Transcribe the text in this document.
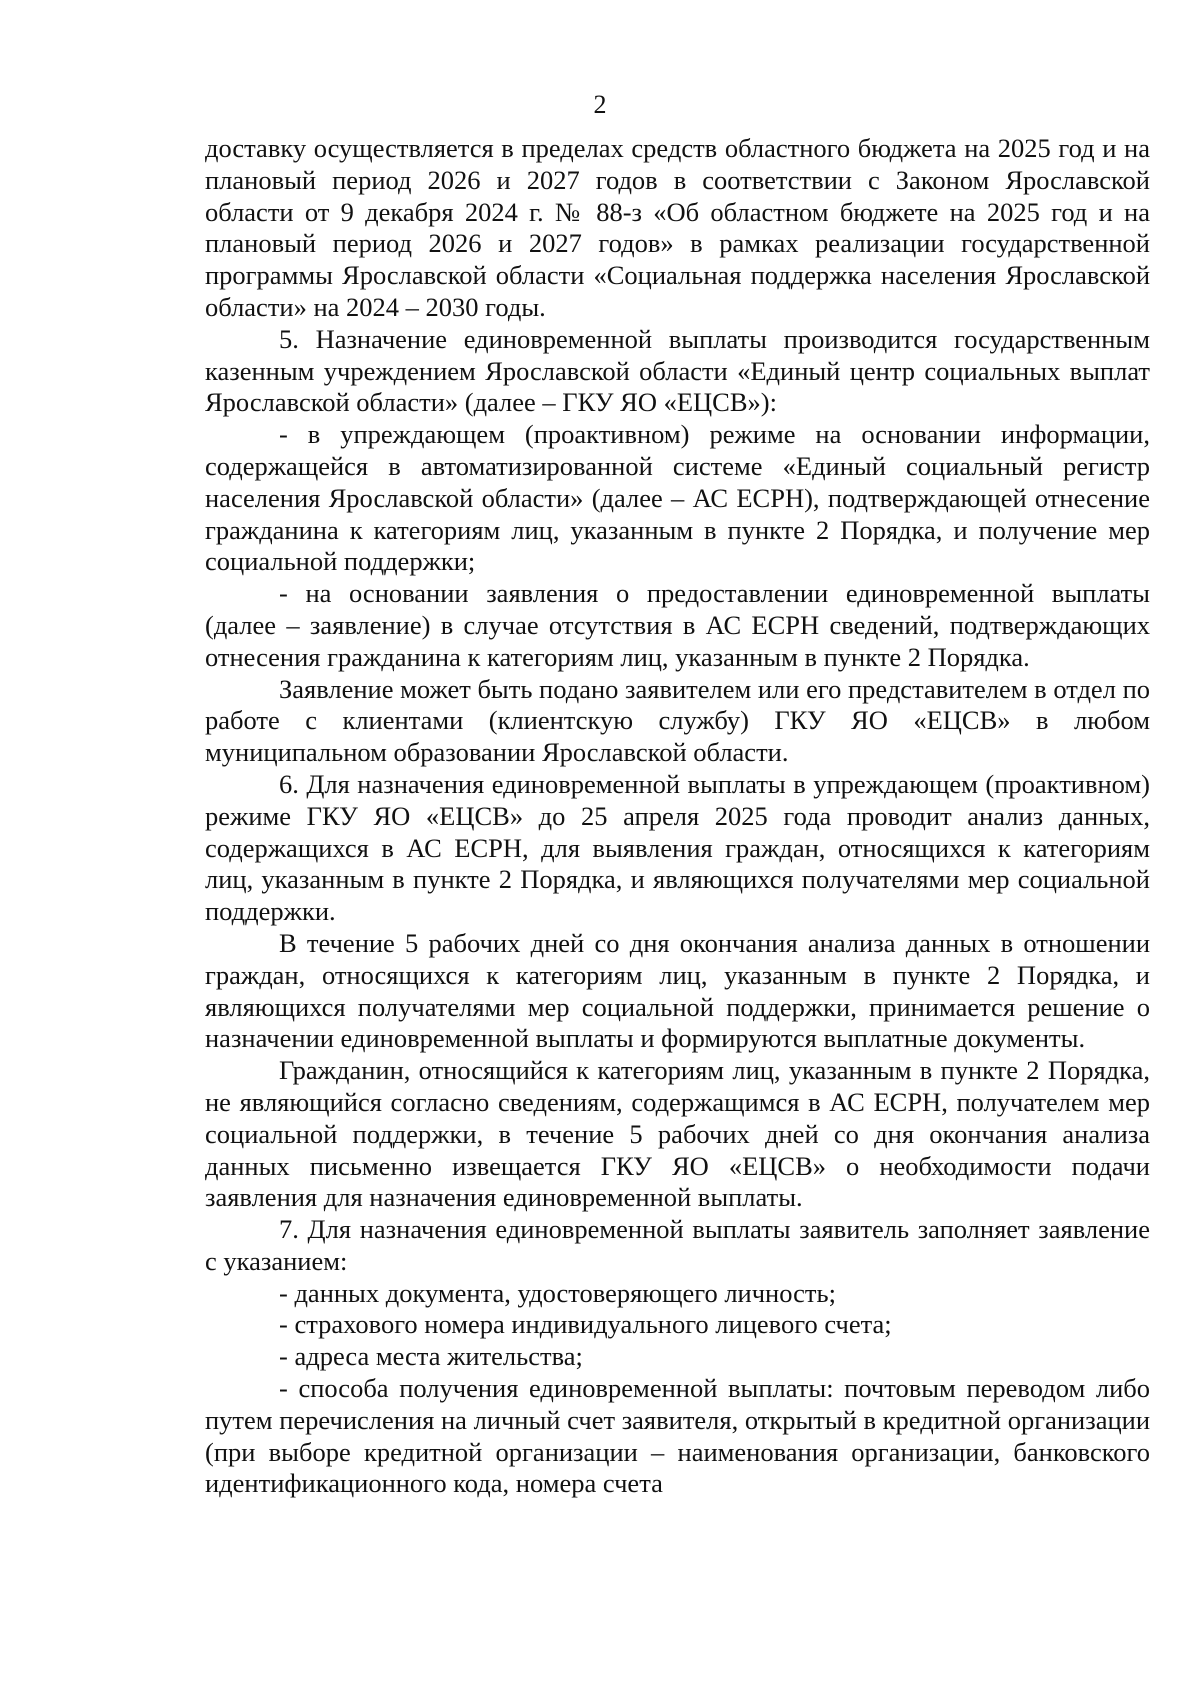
2

доставку осуществляется в пределах средств областного бюджета на 2025 год и на плановый период 2026 и 2027 годов в соответствии с Законом Ярославской области от 9 декабря 2024 г. № 88-з «Об областном бюджете на 2025 год и на плановый период 2026 и 2027 годов» в рамках реализации государственной программы Ярославской области «Социальная поддержка населения Ярославской области» на 2024 – 2030 годы.

5. Назначение единовременной выплаты производится государственным казенным учреждением Ярославской области «Единый центр социальных выплат Ярославской области» (далее – ГКУ ЯО «ЕЦСВ»):

- в упреждающем (проактивном) режиме на основании информации, содержащейся в автоматизированной системе «Единый социальный регистр населения Ярославской области» (далее – АС ЕСРН), подтверждающей отнесение гражданина к категориям лиц, указанным в пункте 2 Порядка, и получение мер социальной поддержки;

- на основании заявления о предоставлении единовременной выплаты (далее – заявление) в случае отсутствия в АС ЕСРН сведений, подтверждающих отнесения гражданина к категориям лиц, указанным в пункте 2 Порядка.

Заявление может быть подано заявителем или его представителем в отдел по работе с клиентами (клиентскую службу) ГКУ ЯО «ЕЦСВ» в любом муниципальном образовании Ярославской области.

6. Для назначения единовременной выплаты в упреждающем (проактивном) режиме ГКУ ЯО «ЕЦСВ» до 25 апреля 2025 года проводит анализ данных, содержащихся в АС ЕСРН, для выявления граждан, относящихся к категориям лиц, указанным в пункте 2 Порядка, и являющихся получателями мер социальной поддержки.

В течение 5 рабочих дней со дня окончания анализа данных в отношении граждан, относящихся к категориям лиц, указанным в пункте 2 Порядка, и являющихся получателями мер социальной поддержки, принимается решение о назначении единовременной выплаты и формируются выплатные документы.

Гражданин, относящийся к категориям лиц, указанным в пункте 2 Порядка, не являющийся согласно сведениям, содержащимся в АС ЕСРН, получателем мер социальной поддержки, в течение 5 рабочих дней со дня окончания анализа данных письменно извещается ГКУ ЯО «ЕЦСВ» о необходимости подачи заявления для назначения единовременной выплаты.

7. Для назначения единовременной выплаты заявитель заполняет заявление с указанием:

- данных документа, удостоверяющего личность;

- страхового номера индивидуального лицевого счета;

- адреса места жительства;

- способа получения единовременной выплаты: почтовым переводом либо путем перечисления на личный счет заявителя, открытый в кредитной организации (при выборе кредитной организации – наименования организации, банковского идентификационного кода, номера счета
